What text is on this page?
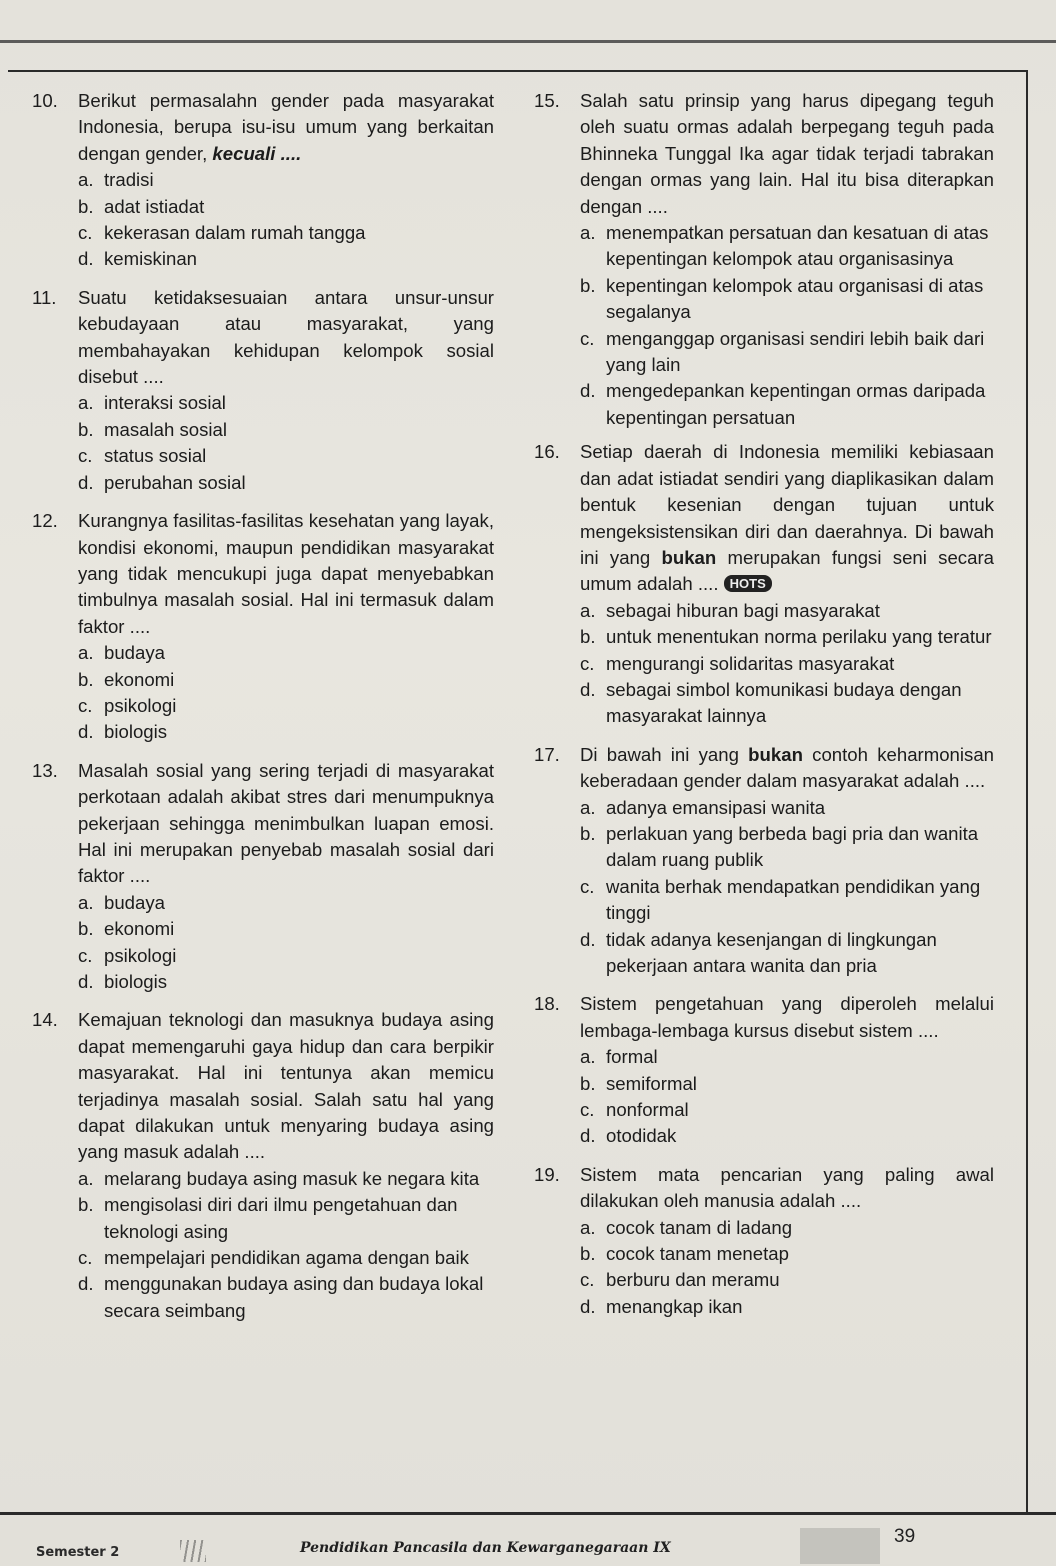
10. Berikut permasalahn gender pada masyarakat Indonesia, berupa isu-isu umum yang berkaitan dengan gender, kecuali ....
a. tradisi
b. adat istiadat
c. kekerasan dalam rumah tangga
d. kemiskinan
11. Suatu ketidaksesuaian antara unsur-unsur kebudayaan atau masyarakat, yang membahayakan kehidupan kelompok sosial disebut ....
a. interaksi sosial
b. masalah sosial
c. status sosial
d. perubahan sosial
12. Kurangnya fasilitas-fasilitas kesehatan yang layak, kondisi ekonomi, maupun pendidikan masyarakat yang tidak mencukupi juga dapat menyebabkan timbulnya masalah sosial. Hal ini termasuk dalam faktor ....
a. budaya
b. ekonomi
c. psikologi
d. biologis
13. Masalah sosial yang sering terjadi di masyarakat perkotaan adalah akibat stres dari menumpuknya pekerjaan sehingga menimbulkan luapan emosi. Hal ini merupakan penyebab masalah sosial dari faktor ....
a. budaya
b. ekonomi
c. psikologi
d. biologis
14. Kemajuan teknologi dan masuknya budaya asing dapat memengaruhi gaya hidup dan cara berpikir masyarakat. Hal ini tentunya akan memicu terjadinya masalah sosial. Salah satu hal yang dapat dilakukan untuk menyaring budaya asing yang masuk adalah ....
a. melarang budaya asing masuk ke negara kita
b. mengisolasi diri dari ilmu pengetahuan dan teknologi asing
c. mempelajari pendidikan agama dengan baik
d. menggunakan budaya asing dan budaya lokal secara seimbang
15. Salah satu prinsip yang harus dipegang teguh oleh suatu ormas adalah berpegang teguh pada Bhinneka Tunggal Ika agar tidak terjadi tabrakan dengan ormas yang lain. Hal itu bisa diterapkan dengan ....
a. menempatkan persatuan dan kesatuan di atas kepentingan kelompok atau organisasinya
b. kepentingan kelompok atau organisasi di atas segalanya
c. menganggap organisasi sendiri lebih baik dari yang lain
d. mengedepankan kepentingan ormas daripada kepentingan persatuan
16. Setiap daerah di Indonesia memiliki kebiasaan dan adat istiadat sendiri yang diaplikasikan dalam bentuk kesenian dengan tujuan untuk mengeksistensikan diri dan daerahnya. Di bawah ini yang bukan merupakan fungsi seni secara umum adalah .... HOTS
a. sebagai hiburan bagi masyarakat
b. untuk menentukan norma perilaku yang teratur
c. mengurangi solidaritas masyarakat
d. sebagai simbol komunikasi budaya dengan masyarakat lainnya
17. Di bawah ini yang bukan contoh keharmonisan keberadaan gender dalam masyarakat adalah ....
a. adanya emansipasi wanita
b. perlakuan yang berbeda bagi pria dan wanita dalam ruang publik
c. wanita berhak mendapatkan pendidikan yang tinggi
d. tidak adanya kesenjangan di lingkungan pekerjaan antara wanita dan pria
18. Sistem pengetahuan yang diperoleh melalui lembaga-lembaga kursus disebut sistem ....
a. formal
b. semiformal
c. nonformal
d. otodidak
19. Sistem mata pencarian yang paling awal dilakukan oleh manusia adalah ....
a. cocok tanam di ladang
b. cocok tanam menetap
c. berburu dan meramu
d. menangkap ikan
Semester 2	Pendidikan Pancasila dan Kewarganegaraan IX
39
